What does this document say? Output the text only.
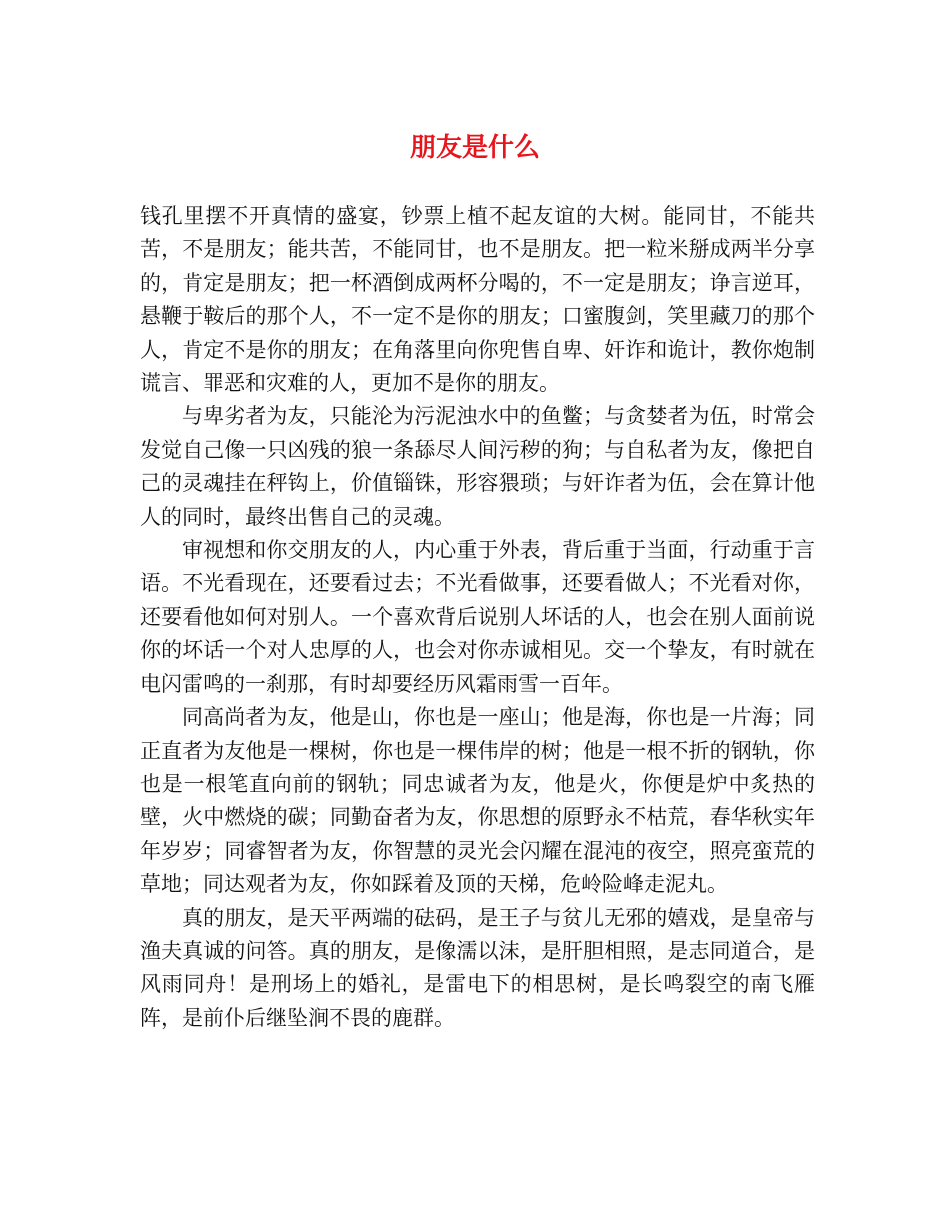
朋友是什么

钱孔里摆不开真情的盛宴，钞票上植不起友谊的大树。能同甘，不能共苦，不是朋友；能共苦，不能同甘，也不是朋友。把一粒米掰成两半分享的，肯定是朋友；把一杯酒倒成两杯分喝的，不一定是朋友；诤言逆耳，悬鞭于鞍后的那个人，不一定不是你的朋友；口蜜腹剑，笑里藏刀的那个人，肯定不是你的朋友；在角落里向你兜售自卑、奸诈和诡计，教你炮制谎言、罪恶和灾难的人，更加不是你的朋友。

与卑劣者为友，只能沦为污泥浊水中的鱼鳖；与贪婪者为伍，时常会发觉自己像一只凶残的狼一条舔尽人间污秽的狗；与自私者为友，像把自己的灵魂挂在秤钩上，价值锱铢，形容猥琐；与奸诈者为伍，会在算计他人的同时，最终出售自己的灵魂。

审视想和你交朋友的人，内心重于外表，背后重于当面，行动重于言语。不光看现在，还要看过去；不光看做事，还要看做人；不光看对你，还要看他如何对别人。一个喜欢背后说别人坏话的人，也会在别人面前说你的坏话一个对人忠厚的人，也会对你赤诚相见。交一个挚友，有时就在电闪雷鸣的一刹那，有时却要经历风霜雨雪一百年。

同高尚者为友，他是山，你也是一座山；他是海，你也是一片海；同正直者为友他是一棵树，你也是一棵伟岸的树；他是一根不折的钢轨，你也是一根笔直向前的钢轨；同忠诚者为友，他是火，你便是炉中炙热的壁，火中燃烧的碳；同勤奋者为友，你思想的原野永不枯荒，春华秋实年年岁岁；同睿智者为友，你智慧的灵光会闪耀在混沌的夜空，照亮蛮荒的草地；同达观者为友，你如踩着及顶的天梯，危岭险峰走泥丸。

真的朋友，是天平两端的砝码，是王子与贫儿无邪的嬉戏，是皇帝与渔夫真诚的问答。真的朋友，是像濡以沫，是肝胆相照，是志同道合，是风雨同舟！是刑场上的婚礼，是雷电下的相思树，是长鸣裂空的南飞雁阵，是前仆后继坠涧不畏的鹿群。
